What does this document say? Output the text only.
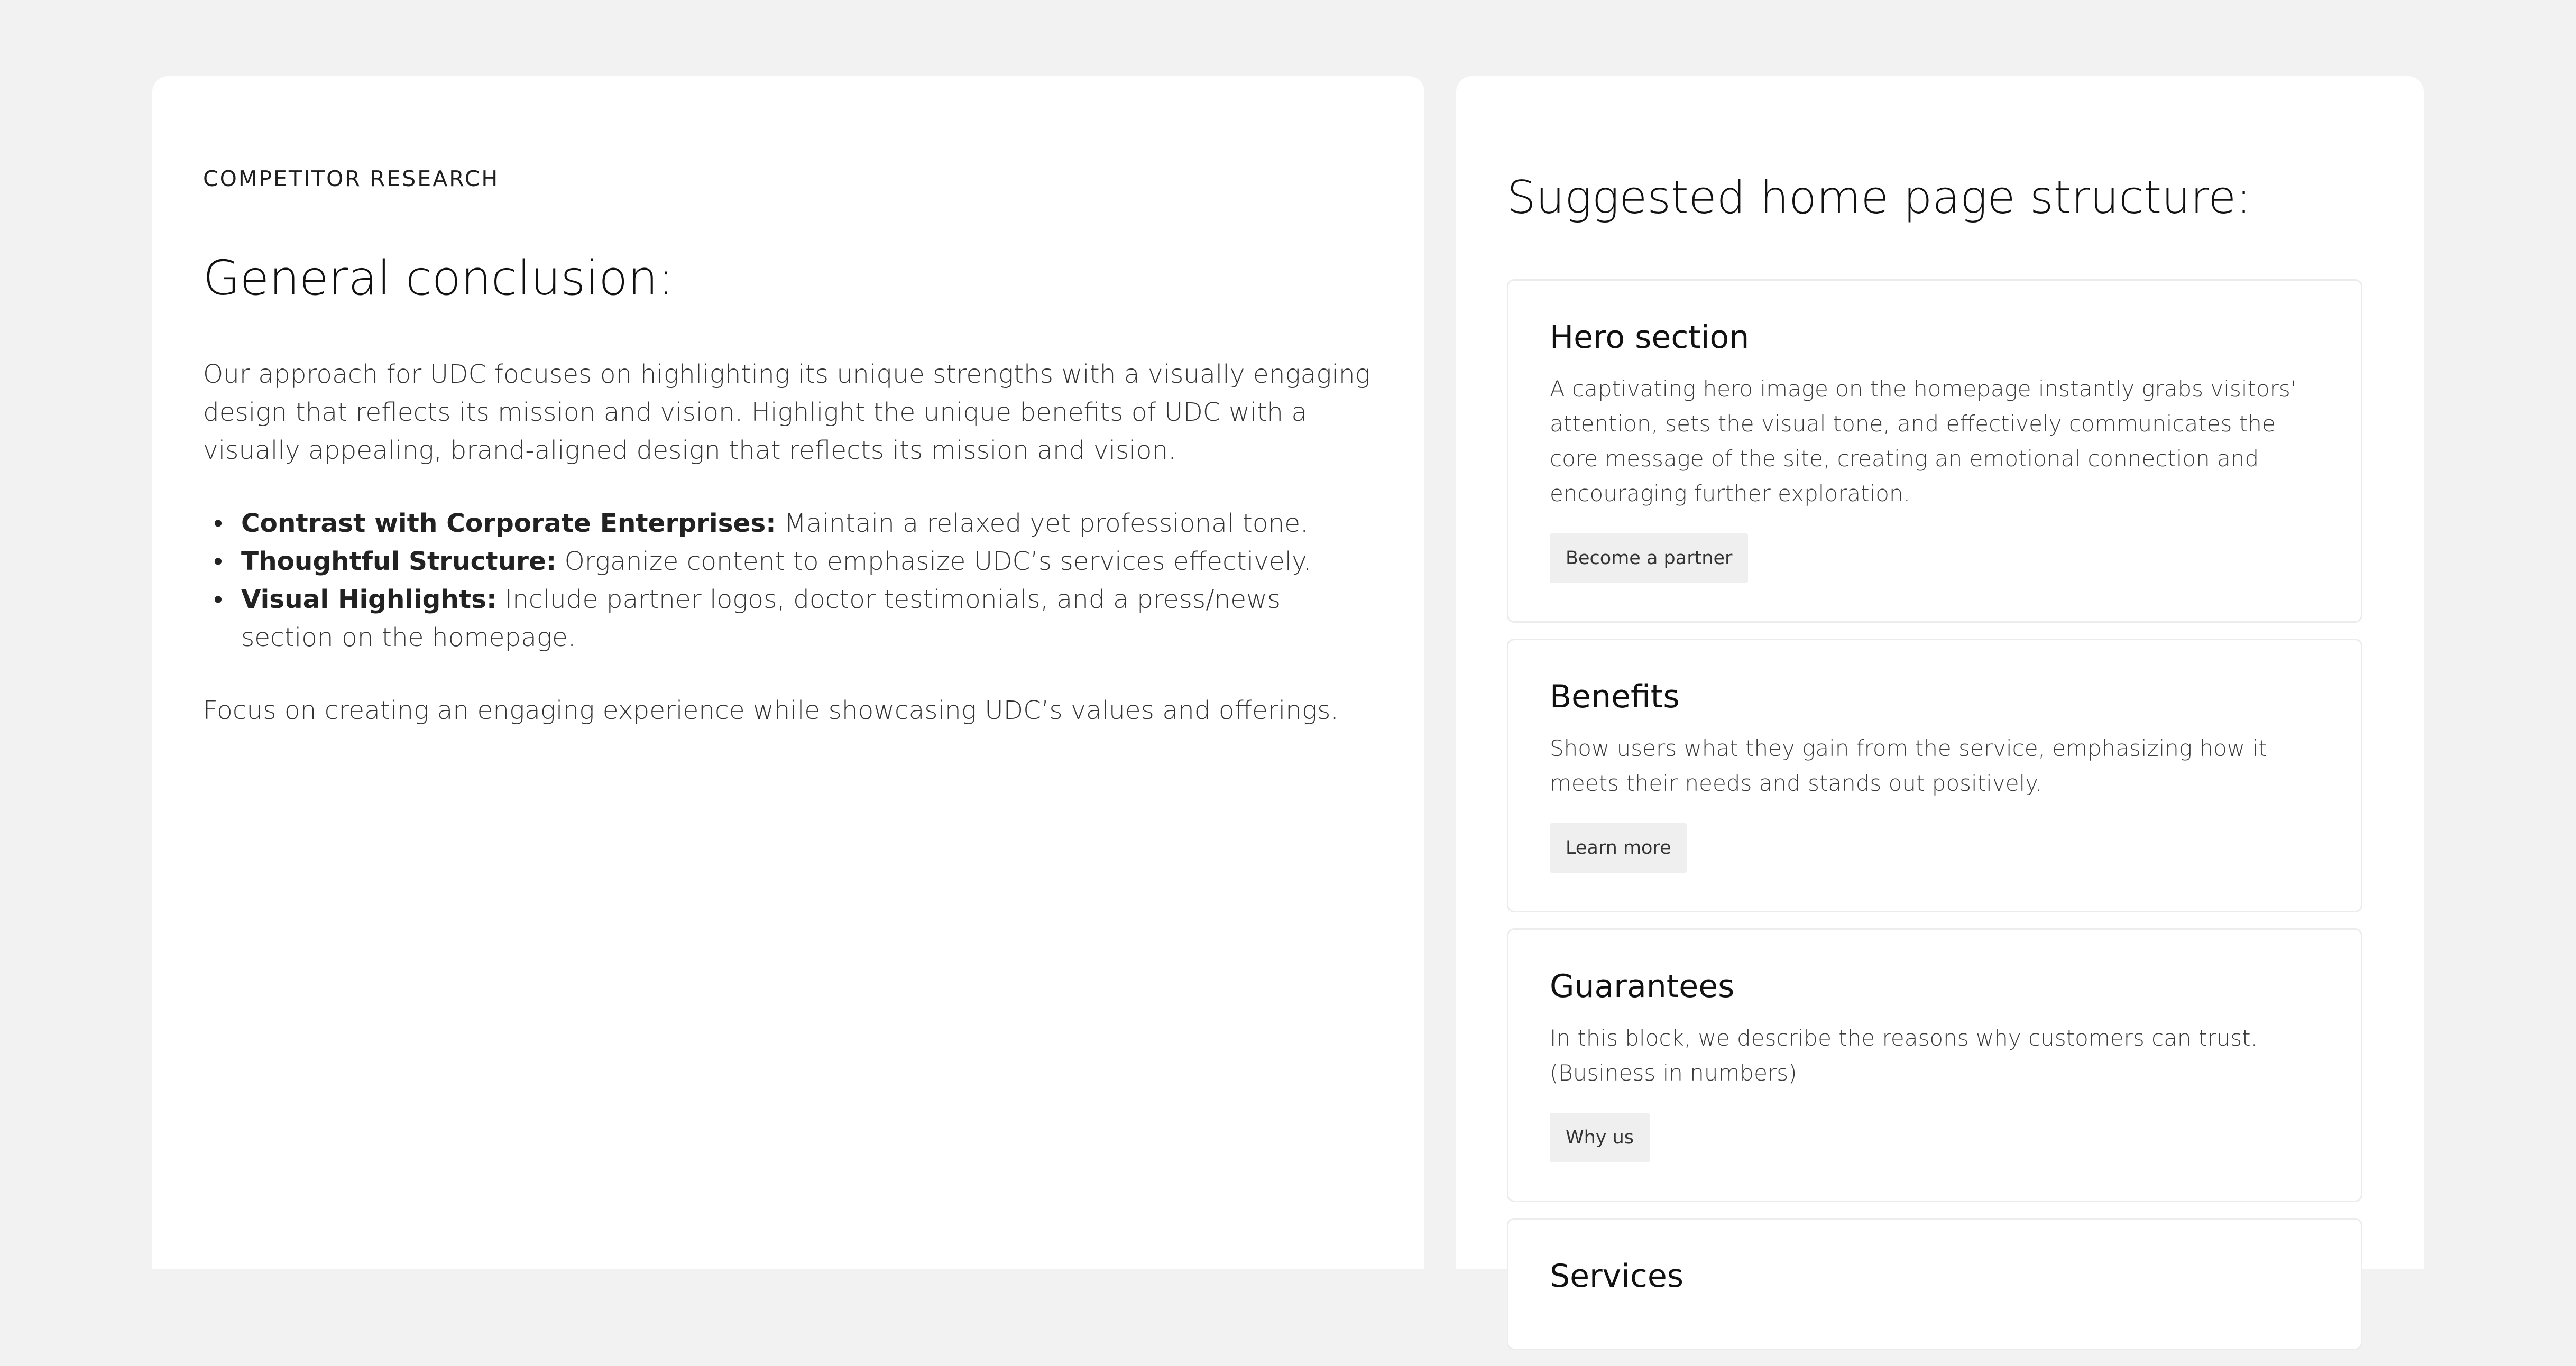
COMPETITOR RESEARCH
General conclusion:

Our approach for UDC focuses on highlighting its unique strengths with a visually engaging design that reflects its mission and vision. Highlight the unique benefits of UDC with a visually appealing, brand-aligned design that reflects its mission and vision.

• Contrast with Corporate Enterprises: Maintain a relaxed yet professional tone.
• Thoughtful Structure: Organize content to emphasize UDC’s services effectively.
• Visual Highlights: Include partner logos, doctor testimonials, and a press/news section on the homepage.

Focus on creating an engaging experience while showcasing UDC’s values and offerings.

Suggested home page structure:
Hero section

A captivating hero image on the homepage instantly grabs visitors' attention, sets the visual tone, and effectively communicates the core message of the site, creating an emotional connection and encouraging further exploration.

Become a partner
Benefits

Show users what they gain from the service, emphasizing how it meets their needs and stands out positively.

Learn more
Guarantees

In this block, we describe the reasons why customers can trust. (Business in numbers)

Why us
Services
